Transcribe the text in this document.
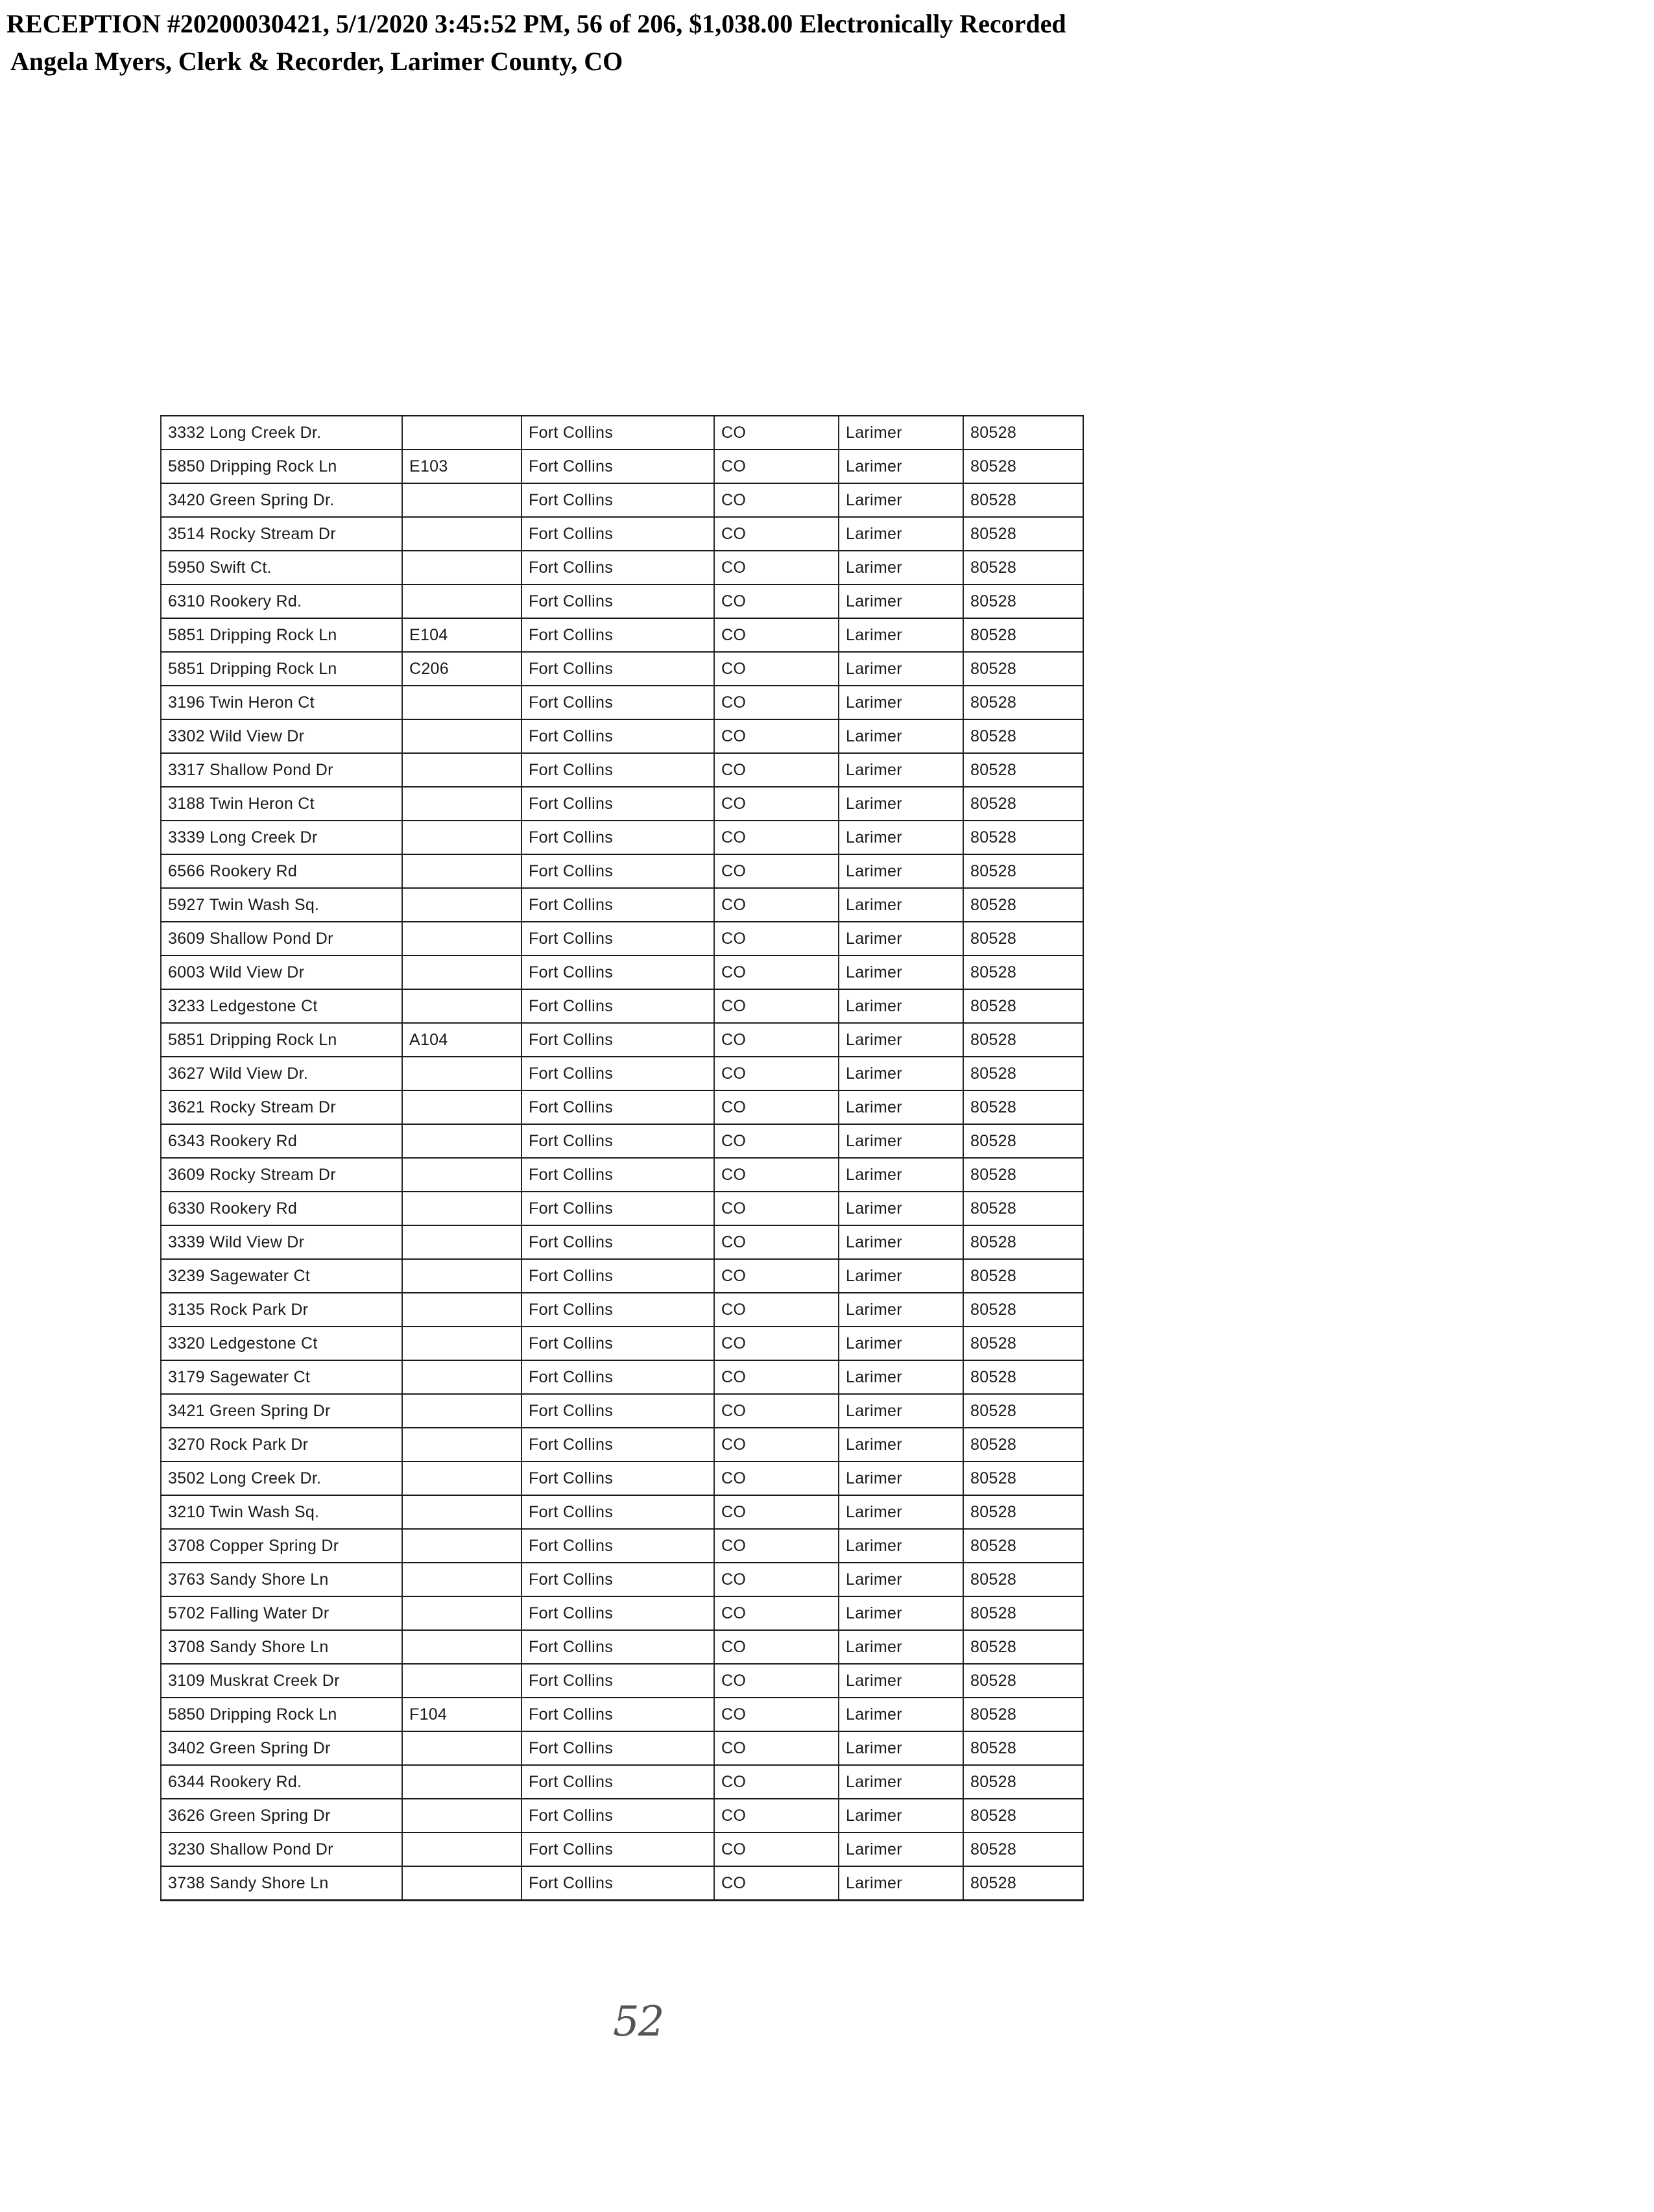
RECEPTION #20200030421, 5/1/2020 3:45:52 PM, 56 of 206, $1,038.00 Electronically Recorded
Angela Myers, Clerk & Recorder, Larimer County, CO
3332 Long Creek Dr.		Fort Collins	CO	Larimer	80528
5850 Dripping Rock Ln	E103	Fort Collins	CO	Larimer	80528
3420 Green Spring Dr.		Fort Collins	CO	Larimer	80528
3514 Rocky Stream Dr		Fort Collins	CO	Larimer	80528
5950 Swift Ct.		Fort Collins	CO	Larimer	80528
6310 Rookery Rd.		Fort Collins	CO	Larimer	80528
5851 Dripping Rock Ln	E104	Fort Collins	CO	Larimer	80528
5851 Dripping Rock Ln	C206	Fort Collins	CO	Larimer	80528
3196 Twin Heron Ct		Fort Collins	CO	Larimer	80528
3302 Wild View Dr		Fort Collins	CO	Larimer	80528
3317 Shallow Pond Dr		Fort Collins	CO	Larimer	80528
3188 Twin Heron Ct		Fort Collins	CO	Larimer	80528
3339 Long Creek Dr		Fort Collins	CO	Larimer	80528
6566 Rookery Rd		Fort Collins	CO	Larimer	80528
5927 Twin Wash Sq.		Fort Collins	CO	Larimer	80528
3609 Shallow Pond Dr		Fort Collins	CO	Larimer	80528
6003 Wild View Dr		Fort Collins	CO	Larimer	80528
3233 Ledgestone Ct		Fort Collins	CO	Larimer	80528
5851 Dripping Rock Ln	A104	Fort Collins	CO	Larimer	80528
3627 Wild View Dr.		Fort Collins	CO	Larimer	80528
3621 Rocky Stream Dr		Fort Collins	CO	Larimer	80528
6343 Rookery Rd		Fort Collins	CO	Larimer	80528
3609 Rocky Stream Dr		Fort Collins	CO	Larimer	80528
6330 Rookery Rd		Fort Collins	CO	Larimer	80528
3339 Wild View Dr		Fort Collins	CO	Larimer	80528
3239 Sagewater Ct		Fort Collins	CO	Larimer	80528
3135 Rock Park Dr		Fort Collins	CO	Larimer	80528
3320 Ledgestone Ct		Fort Collins	CO	Larimer	80528
3179 Sagewater Ct		Fort Collins	CO	Larimer	80528
3421 Green Spring Dr		Fort Collins	CO	Larimer	80528
3270 Rock Park Dr		Fort Collins	CO	Larimer	80528
3502 Long Creek Dr.		Fort Collins	CO	Larimer	80528
3210 Twin Wash Sq.		Fort Collins	CO	Larimer	80528
3708 Copper Spring Dr		Fort Collins	CO	Larimer	80528
3763 Sandy Shore Ln		Fort Collins	CO	Larimer	80528
5702 Falling Water Dr		Fort Collins	CO	Larimer	80528
3708 Sandy Shore Ln		Fort Collins	CO	Larimer	80528
3109 Muskrat Creek Dr		Fort Collins	CO	Larimer	80528
5850 Dripping Rock Ln	F104	Fort Collins	CO	Larimer	80528
3402 Green Spring Dr		Fort Collins	CO	Larimer	80528
6344 Rookery Rd.		Fort Collins	CO	Larimer	80528
3626 Green Spring Dr		Fort Collins	CO	Larimer	80528
3230 Shallow Pond Dr		Fort Collins	CO	Larimer	80528
3738 Sandy Shore Ln		Fort Collins	CO	Larimer	80528
52
